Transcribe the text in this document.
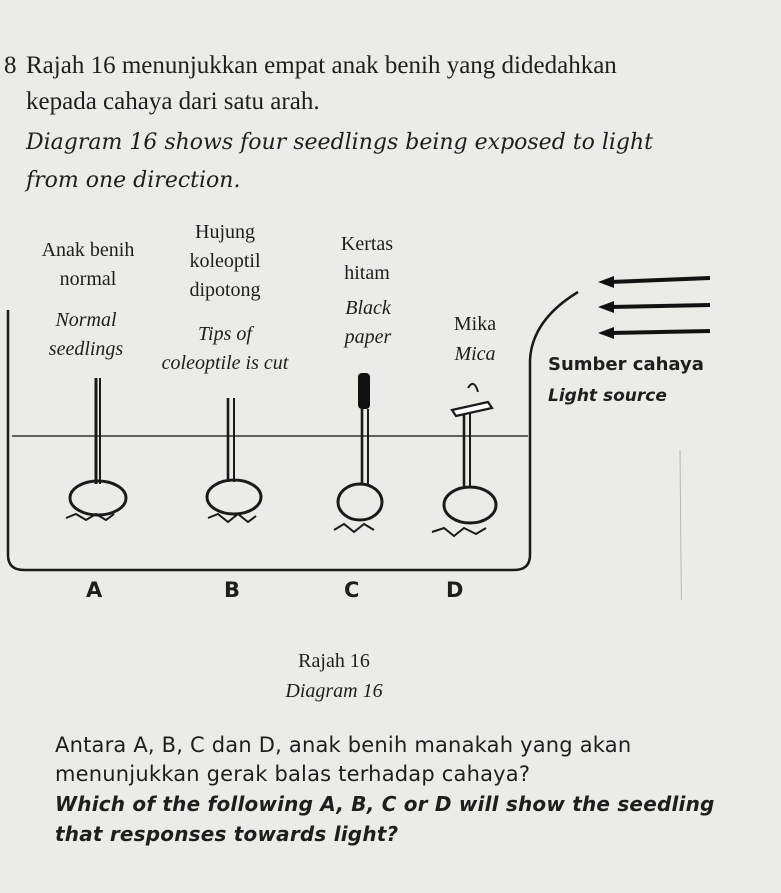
8 Rajah 16 menunjukkan empat anak benih yang didedahkan
kepada cahaya dari satu arah.
Diagram 16 shows four seedlings being exposed to light
from one direction.
Anak benih
normal
Normal
seedlings
Hujung
koleoptil
dipotong
Tips of
coleoptile is cut
Kertas
hitam
Black
paper
Mika
Mica	Sumber cahaya
Light source
A	B	C	D
Rajah 16
Diagram 16
Antara A, B, C dan D, anak benih manakah yang akan
menunjukkan gerak balas terhadap cahaya?
Which of the following A, B, C or D will show the seedling
that responses towards light?
